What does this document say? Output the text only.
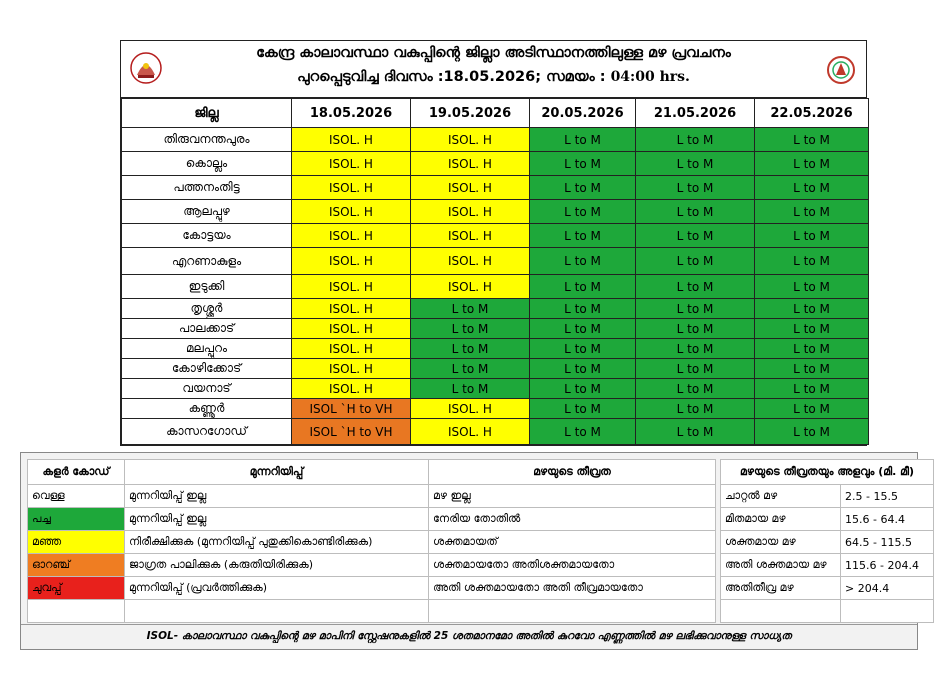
കേന്ദ്ര കാലാവസ്ഥാ വകുപ്പിന്റെ ജില്ലാ അടിസ്ഥാനത്തിലുള്ള മഴ പ്രവചനം
പുറപ്പെടുവിച്ച ദിവസം :18.05.2026; സമയം : 04:00 hrs.
ജില്ല	18.05.2026	19.05.2026	20.05.2026	21.05.2026	22.05.2026
തിരുവനന്തപുരം	ISOL. H	ISOL. H	L to M	L to M	L to M
കൊല്ലം	ISOL. H	ISOL. H	L to M	L to M	L to M
പത്തനംതിട്ട	ISOL. H	ISOL. H	L to M	L to M	L to M
ആലപ്പുഴ	ISOL. H	ISOL. H	L to M	L to M	L to M
കോട്ടയം	ISOL. H	ISOL. H	L to M	L to M	L to M
എറണാകുളം	ISOL. H	ISOL. H	L to M	L to M	L to M
ഇടുക്കി	ISOL. H	ISOL. H	L to M	L to M	L to M
തൃശ്ശൂർ	ISOL. H	L to M	L to M	L to M	L to M
പാലക്കാട്	ISOL. H	L to M	L to M	L to M	L to M
മലപ്പുറം	ISOL. H	L to M	L to M	L to M	L to M
കോഴിക്കോട്	ISOL. H	L to M	L to M	L to M	L to M
വയനാട്	ISOL. H	L to M	L to M	L to M	L to M
കണ്ണൂർ	ISOL `H to VH	ISOL. H	L to M	L to M	L to M
കാസറഗോഡ്	ISOL `H to VH	ISOL. H	L to M	L to M	L to M
കളർ കോഡ്	മുന്നറിയിപ്പ്	മഴയുടെ തീവ്രത
വെള്ള	മുന്നറിയിപ്പ് ഇല്ല	മഴ ഇല്ല
പച്ച	മുന്നറിയിപ്പ് ഇല്ല	നേരിയ തോതിൽ
മഞ്ഞ	നിരീക്ഷിക്കുക (മുന്നറിയിപ്പ് പുതുക്കികൊണ്ടിരിക്കുക)	ശക്തമായത്
ഓറഞ്ച്	ജാഗ്രത പാലിക്കുക (കരുതിയിരിക്കുക)	ശക്തമായതോ അതിശക്തമായതോ
ചുവപ്പ്	മുന്നറിയിപ്പ് (പ്രവർത്തിക്കുക)	അതി ശക്തമായതോ അതി തീവ്രമായതോ

മഴയുടെ തീവ്രതയും അളവും (മി. മീ)	
ചാറ്റൽ മഴ	2.5 - 15.5
മിതമായ മഴ	15.6 - 64.4
ശക്തമായ മഴ	64.5 - 115.5
അതി ശക്തമായ മഴ	115.6 - 204.4
അതിതീവ്ര മഴ	> 204.4

ISOL- കാലാവസ്ഥാ വകുപ്പിന്റെ മഴ മാപിനി സ്റ്റേഷനുകളിൽ 25 ശതമാനമോ അതിൽ കുറവോ എണ്ണത്തിൽ മഴ ലഭിക്കുവാനുള്ള സാധ്യത
